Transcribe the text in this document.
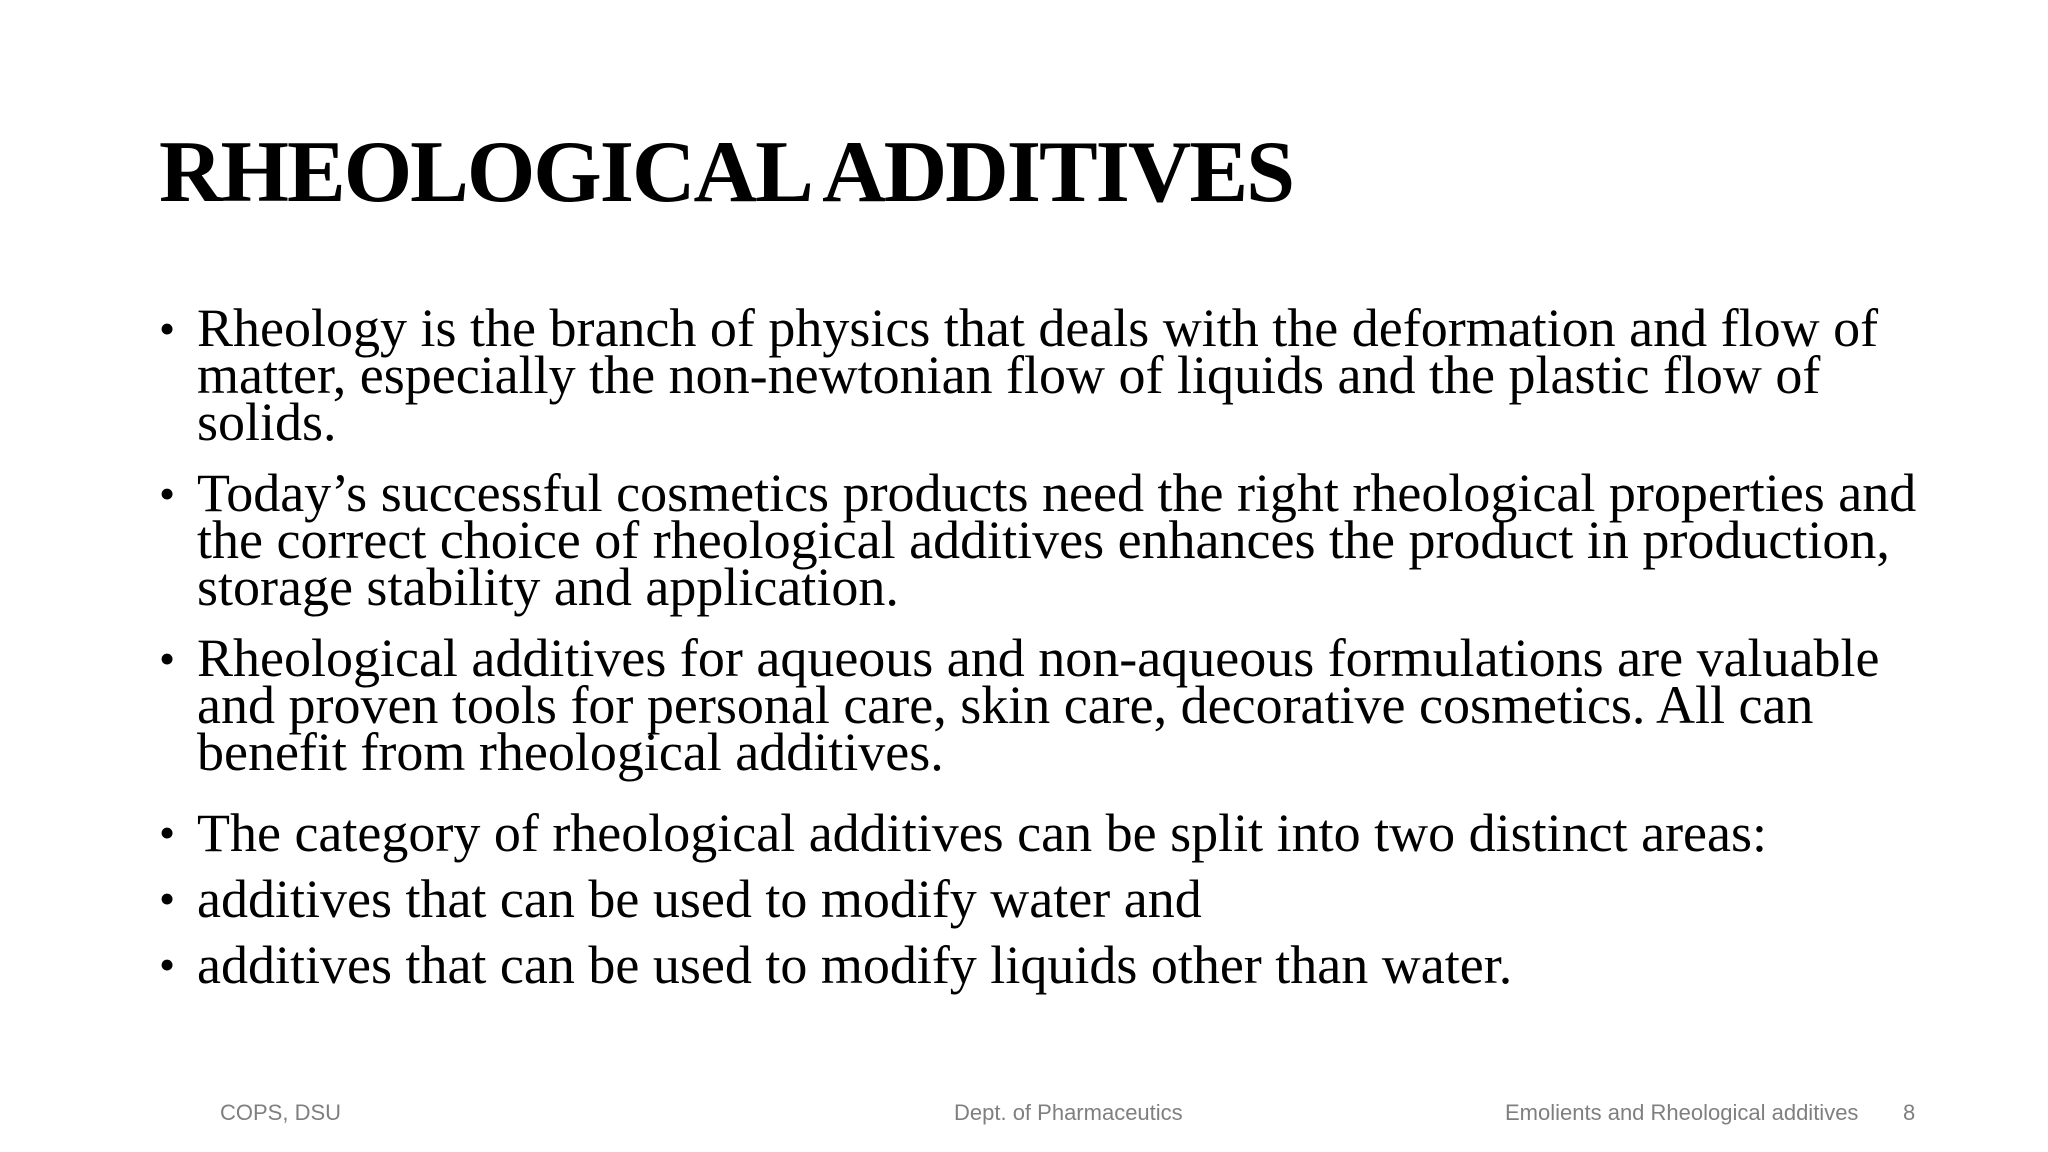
RHEOLOGICAL ADDITIVES
• Rheology is the branch of physics that deals with the deformation and flow of matter, especially the non-newtonian flow of liquids and the plastic flow of solids.
• Today’s successful cosmetics products need the right rheological properties and the correct choice of rheological additives enhances the product in production, storage stability and application.
• Rheological additives for aqueous and non-aqueous formulations are valuable and proven tools for personal care, skin care, decorative cosmetics. All can benefit from rheological additives.
• The category of rheological additives can be split into two distinct areas:
• additives that can be used to modify water and
• additives that can be used to modify liquids other than water.
COPS, DSU	Dept. of Pharmaceutics	Emolients and Rheological additives 8
